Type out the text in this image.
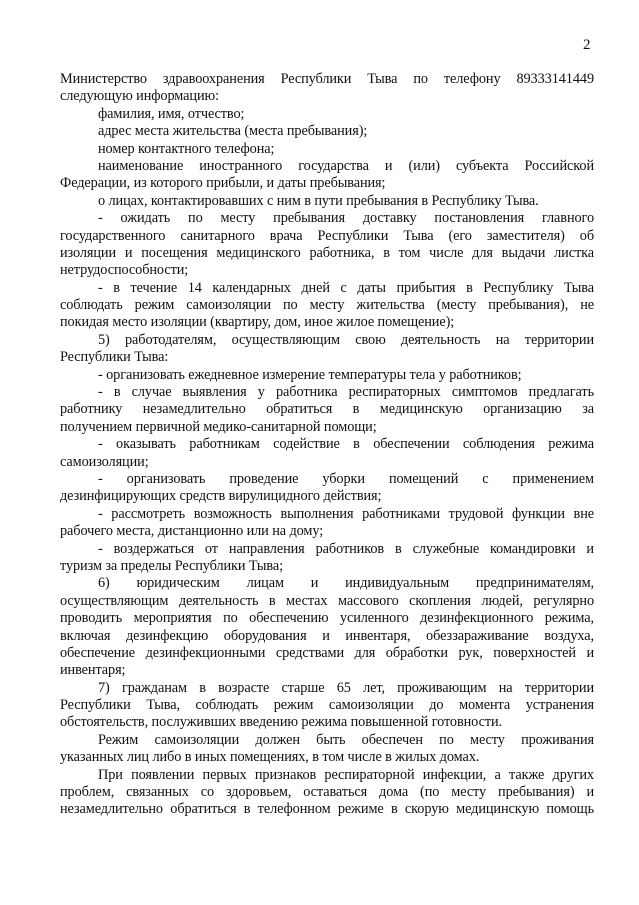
2
Министерство здравоохранения Республики Тыва по телефону 89333141449
следующую информацию:
фамилия, имя, отчество;
адрес места жительства (места пребывания);
номер контактного телефона;
наименование иностранного государства и (или) субъекта Российской
Федерации, из которого прибыли, и даты пребывания;
о лицах, контактировавших с ним в пути пребывания в Республику Тыва.
- ожидать по месту пребывания доставку постановления главного
государственного санитарного врача Республики Тыва (его заместителя) об
изоляции и посещения медицинского работника, в том числе для выдачи листка
нетрудоспособности;
- в течение 14 календарных дней с даты прибытия в Республику Тыва
соблюдать режим самоизоляции по месту жительства (месту пребывания), не
покидая место изоляции (квартиру, дом, иное жилое помещение);
5) работодателям, осуществляющим свою деятельность на территории
Республики Тыва:
- организовать ежедневное измерение температуры тела у работников;
- в случае выявления у работника респираторных симптомов предлагать
работнику незамедлительно обратиться в медицинскую организацию за
получением первичной медико-санитарной помощи;
- оказывать работникам содействие в обеспечении соблюдения режима
самоизоляции;
- организовать проведение уборки помещений с применением
дезинфицирующих средств вирулицидного действия;
- рассмотреть возможность выполнения работниками трудовой функции вне
рабочего места, дистанционно или на дому;
- воздержаться от направления работников в служебные командировки и
туризм за пределы Республики Тыва;
6) юридическим лицам и индивидуальным предпринимателям,
осуществляющим деятельность в местах массового скопления людей, регулярно
проводить мероприятия по обеспечению усиленного дезинфекционного режима,
включая дезинфекцию оборудования и инвентаря, обеззараживание воздуха,
обеспечение дезинфекционными средствами для обработки рук, поверхностей и
инвентаря;
7) гражданам в возрасте старше 65 лет, проживающим на территории
Республики Тыва, соблюдать режим самоизоляции до момента устранения
обстоятельств, послуживших введению режима повышенной готовности.
Режим самоизоляции должен быть обеспечен по месту проживания
указанных лиц либо в иных помещениях, в том числе в жилых домах.
При появлении первых признаков респираторной инфекции, а также других
проблем, связанных со здоровьем, оставаться дома (по месту пребывания) и
незамедлительно обратиться в телефонном режиме в скорую медицинскую помощь
